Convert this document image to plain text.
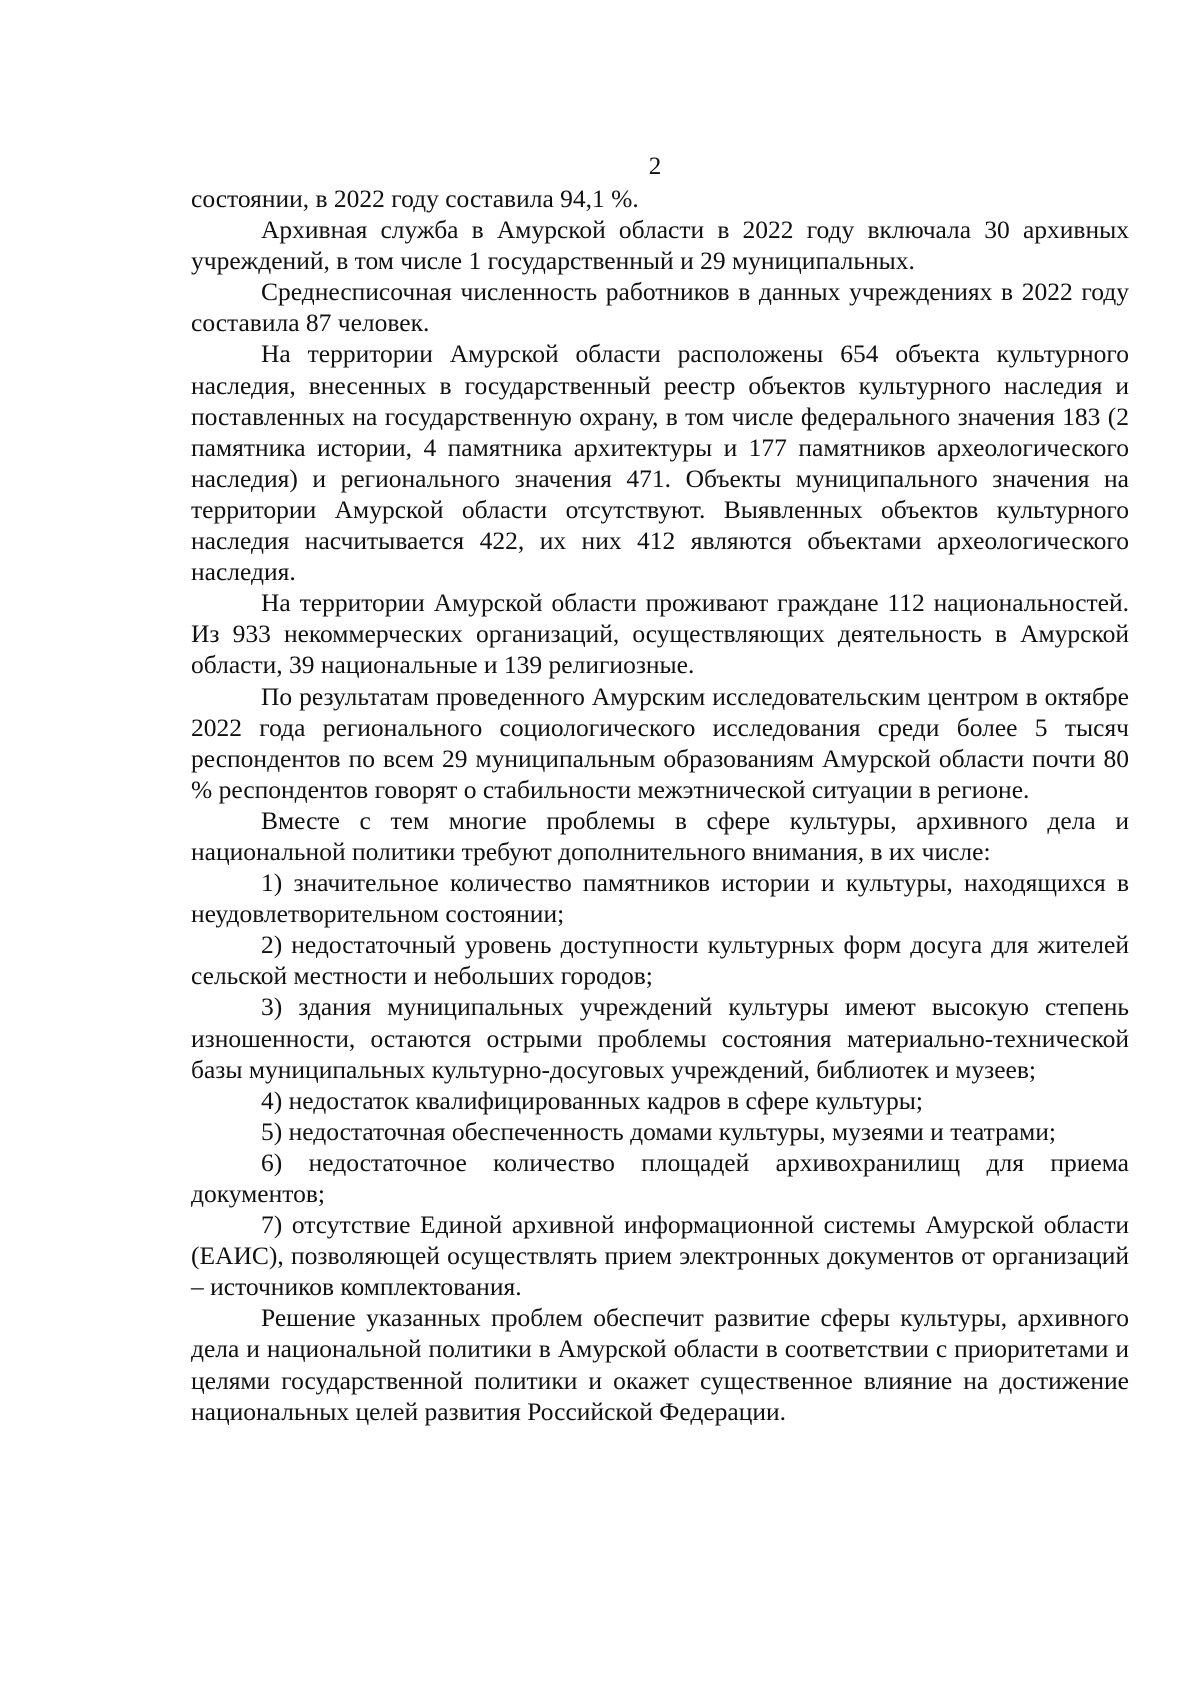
2

состоянии, в 2022 году составила 94,1 %.

Архивная служба в Амурской области в 2022 году включала 30 архивных учреждений, в том числе 1 государственный и 29 муниципальных.

Среднесписочная численность работников в данных учреждениях в 2022 году составила 87 человек.

На территории Амурской области расположены 654 объекта культурного наследия, внесенных в государственный реестр объектов культурного наследия и поставленных на государственную охрану, в том числе федерального значения 183 (2 памятника истории, 4 памятника архитектуры и 177 памятников археологического наследия) и регионального значения 471. Объекты муниципального значения на территории Амурской области отсутствуют. Выявленных объектов культурного наследия насчитывается 422, их них 412 являются объектами археологического наследия.

На территории Амурской области проживают граждане 112 национальностей. Из 933 некоммерческих организаций, осуществляющих деятельность в Амурской области, 39 национальные и 139 религиозные.

По результатам проведенного Амурским исследовательским центром в октябре 2022 года регионального социологического исследования среди более 5 тысяч респондентов по всем 29 муниципальным образованиям Амурской области почти 80 % респондентов говорят о стабильности межэтнической ситуации в регионе.

Вместе с тем многие проблемы в сфере культуры, архивного дела и национальной политики требуют дополнительного внимания, в их числе:

1) значительное количество памятников истории и культуры, находящихся в неудовлетворительном состоянии;

2) недостаточный уровень доступности культурных форм досуга для жителей сельской местности и небольших городов;

3) здания муниципальных учреждений культуры имеют высокую степень изношенности, остаются острыми проблемы состояния материально-технической базы муниципальных культурно-досуговых учреждений, библиотек и музеев;

4) недостаток квалифицированных кадров в сфере культуры;

5) недостаточная обеспеченность домами культуры, музеями и театрами;

6) недостаточное количество площадей архивохранилищ для приема документов;

7) отсутствие Единой архивной информационной системы Амурской области (ЕАИС), позволяющей осуществлять прием электронных документов от организаций – источников комплектования.

Решение указанных проблем обеспечит развитие сферы культуры, архивного дела и национальной политики в Амурской области в соответствии с приоритетами и целями государственной политики и окажет существенное влияние на достижение национальных целей развития Российской Федерации.
